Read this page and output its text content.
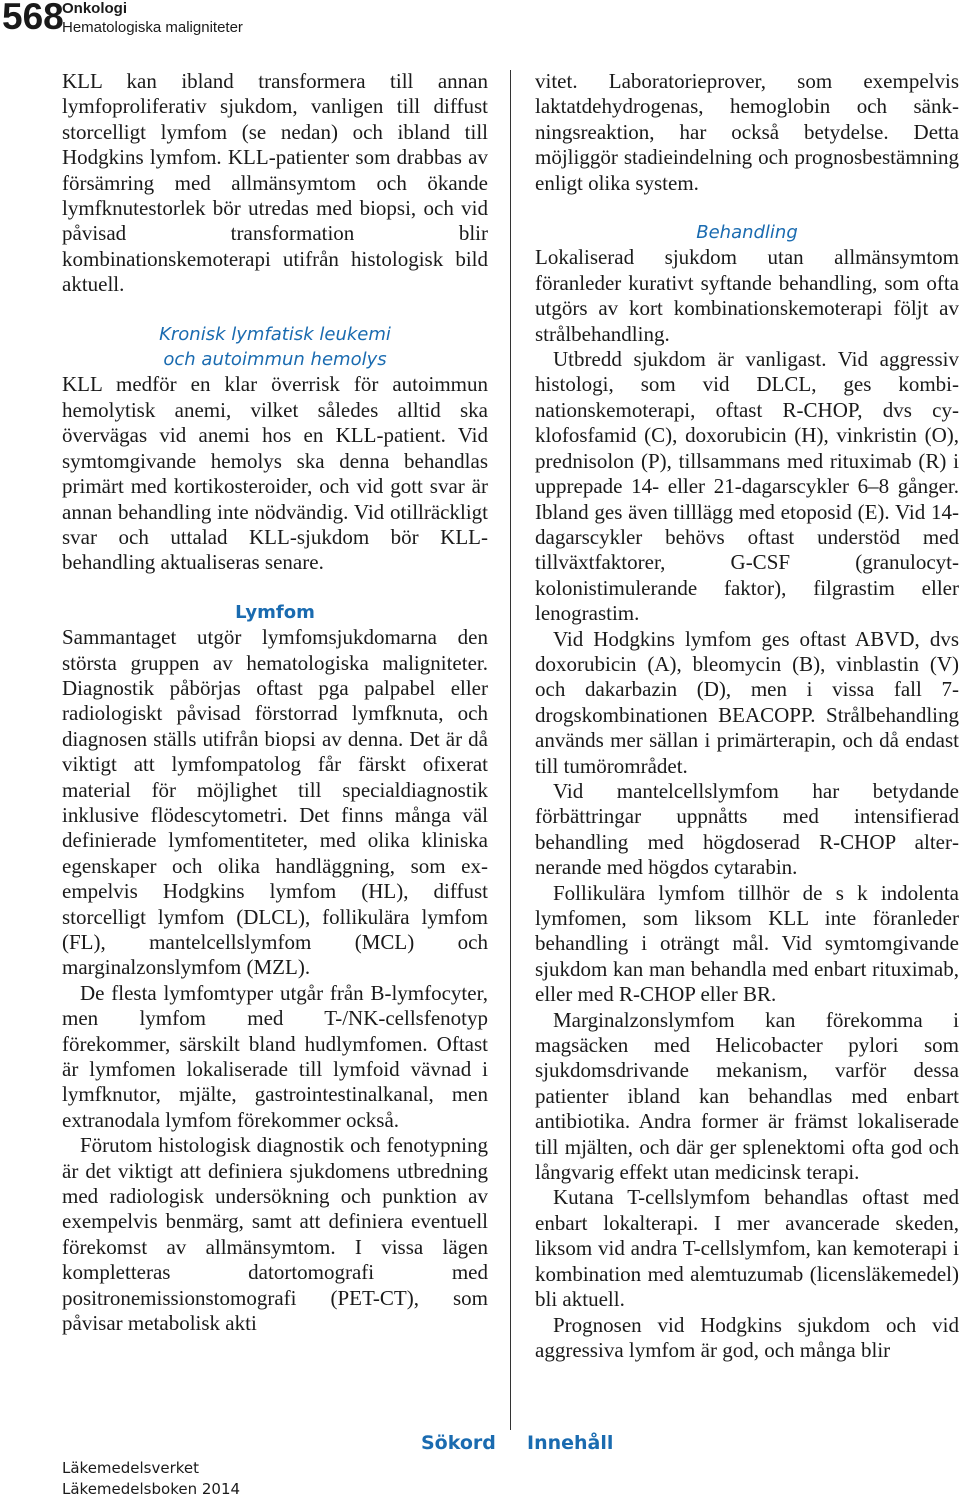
568
Onkologi
Hematologiska maligniteter

KLL kan ibland transformera till annan lymfoproliferativ sjukdom, vanligen till diffust storcelligt lymfom (se nedan) och ibland till Hodgkins lymfom. KLL-patienter som drabbas av försämring med allmänsymtom och ökande lymfknutestorlek bör utredas med biopsi, och vid påvisad transformation blir kombinationskemoterapi utifrån histologisk bild aktuell.

Kronisk lymfatisk leukemi
och autoimmun hemolys

KLL medför en klar överrisk för autoimmun hemolytisk anemi, vilket således alltid ska övervägas vid anemi hos en KLL-patient. Vid symtomgivande hemolys ska denna behandlas primärt med kortikosteroider, och vid gott svar är annan behandling inte nödvändig. Vid otillräckligt svar och uttalad KLL-sjukdom bör KLL-behandling aktualiseras senare.

Lymfom

Sammantaget utgör lymfomsjukdomarna den största gruppen av hematologiska maligniteter. Diagnostik påbörjas oftast pga palpabel eller radiologiskt påvisad förstorrad lymfknuta, och diagnosen ställs utifrån biopsi av denna. Det är då viktigt att lymfompatolog får färskt ofixerat material för möjlighet till specialdiagnostik inklusive flödescytometri. Det finns många väl definierade lymfomentiteter, med olika kliniska egenskaper och olika handläggning, som exempelvis Hodgkins lymfom (HL), diffust storcelligt lymfom (DLCL), follikulära lymfom (FL), mantelcellslymfom (MCL) och marginalzonslymfom (MZL).

De flesta lymfomtyper utgår från B-lymfocyter, men lymfom med T-/NK-cellsfenotyp förekommer, särskilt bland hudlymfomen. Oftast är lymfomen lokaliserade till lymfoid vävnad i lymfknutor, mjälte, gastrointestinalkanal, men extranodala lymfom förekommer också.

Förutom histologisk diagnostik och fenotypning är det viktigt att definiera sjukdomens utbredning med radiologisk undersökning och punktion av exempelvis benmärg, samt att definiera eventuell förekomst av allmänsymtom. I vissa lägen kompletteras datortomografi med positronemissionstomografi (PET-CT), som påvisar metabolisk akti

vitet. Laboratorieprover, som exempelvis laktatdehydrogenas, hemoglobin och sänkningsreaktion, har också betydelse. Detta möjliggör stadieindelning och prognosbestämning enligt olika system.

Behandling

Lokaliserad sjukdom utan allmänsymtom föranleder kurativt syftande behandling, som ofta utgörs av kort kombinationskemoterapi följt av strålbehandling.

Utbredd sjukdom är vanligast. Vid aggressiv histologi, som vid DLCL, ges kombinationskemoterapi, oftast R-CHOP, dvs cyklofosfamid (C), doxorubicin (H), vinkristin (O), prednisolon (P), tillsammans med rituximab (R) i upprepade 14- eller 21-dagarscykler 6–8 gånger. Ibland ges även tilllägg med etoposid (E). Vid 14-dagarscykler behövs oftast understöd med tillväxtfaktorer, G-CSF (granulocyt-kolonistimulerande faktor), filgrastim eller lenograstim.

Vid Hodgkins lymfom ges oftast ABVD, dvs doxorubicin (A), bleomycin (B), vinblastin (V) och dakarbazin (D), men i vissa fall 7-drogskombinationen BEACOPP. Strålbehandling används mer sällan i primärterapin, och då endast till tumörområdet.

Vid mantelcellslymfom har betydande förbättringar uppnåtts med intensifierad behandling med högdoserad R-CHOP alternerande med högdos cytarabin.

Follikulära lymfom tillhör de s k indolenta lymfomen, som liksom KLL inte föranleder behandling i oträngt mål. Vid symtomgivande sjukdom kan man behandla med enbart rituximab, eller med R-CHOP eller BR.

Marginalzonslymfom kan förekomma i magsäcken med Helicobacter pylori som sjukdomsdrivande mekanism, varför dessa patienter ibland kan behandlas med enbart antibiotika. Andra former är främst lokaliserade till mjälten, och där ger splenektomi ofta god och långvarig effekt utan medicinsk terapi.

Kutana T-cellslymfom behandlas oftast med enbart lokalterapi. I mer avancerade skeden, liksom vid andra T-cellslymfom, kan kemoterapi i kombination med alemtuzumab (licensläkemedel) bli aktuell.

Prognosen vid Hodgkins sjukdom och vid aggressiva lymfom är god, och många blir

Sökord Innehåll
Läkemedelsverket
Läkemedelsboken 2014
